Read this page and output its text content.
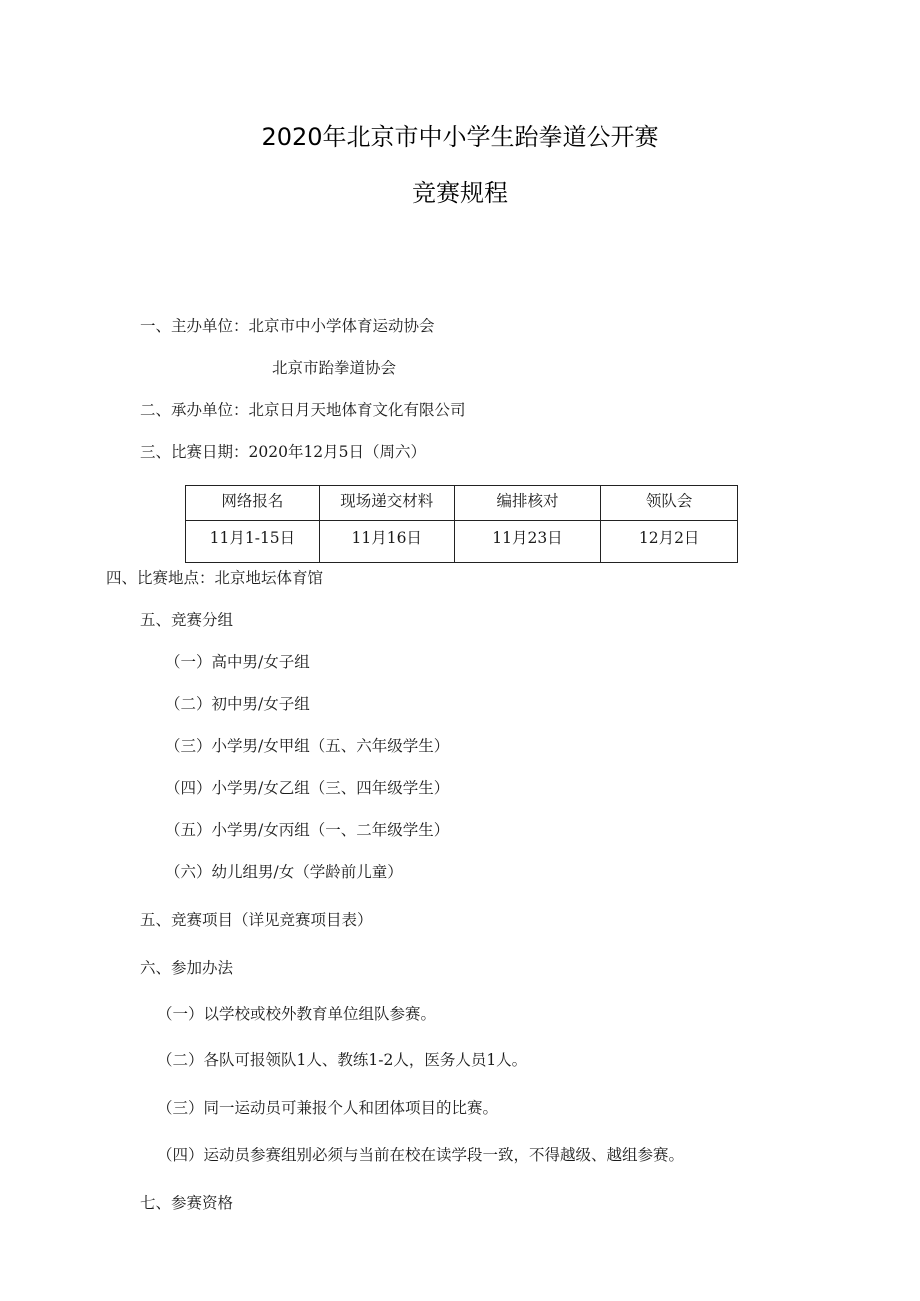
2020年北京市中小学生跆拳道公开赛
竞赛规程
一、主办单位：北京市中小学体育运动协会
北京市跆拳道协会
二、承办单位：北京日月天地体育文化有限公司
三、比赛日期：2020年12月5日（周六）
网络报名	现场递交材料	编排核对	领队会
11月1-15日	11月16日	11月23日	12月2日
四、比赛地点：北京地坛体育馆
五、竞赛分组
（一）高中男/女子组
（二）初中男/女子组
（三）小学男/女甲组（五、六年级学生）
（四）小学男/女乙组（三、四年级学生）
（五）小学男/女丙组（一、二年级学生）
（六）幼儿组男/女（学龄前儿童）
五、竞赛项目（详见竞赛项目表）
六、参加办法
（一）以学校或校外教育单位组队参赛。
（二）各队可报领队1人、教练1-2人，医务人员1人。
（三）同一运动员可兼报个人和团体项目的比赛。
（四）运动员参赛组别必须与当前在校在读学段一致，不得越级、越组参赛。
七、参赛资格
